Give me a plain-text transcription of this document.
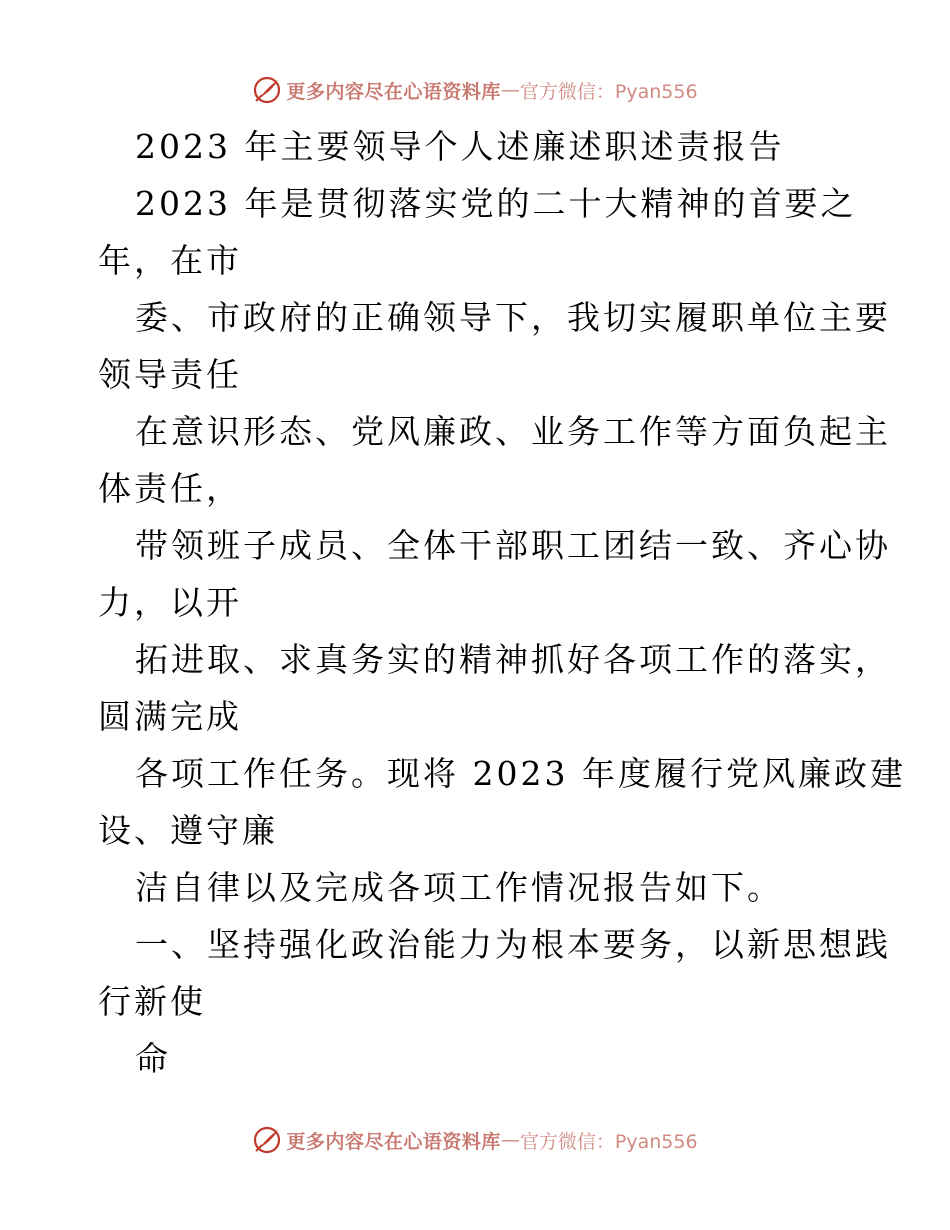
更多内容尽在心语资料库 — 官方微信：Pyan556
2023 年主要领导个人述廉述职述责报告
2023 年是贯彻落实党的二十大精神的首要之
年，在市
委、市政府的正确领导下，我切实履职单位主要
领导责任
在意识形态、党风廉政、业务工作等方面负起主
体责任，
带领班子成员、全体干部职工团结一致、齐心协
力，以开
拓进取、求真务实的精神抓好各项工作的落实，
圆满完成
各项工作任务。现将 2023 年度履行党风廉政建
设、遵守廉
洁自律以及完成各项工作情况报告如下。
一、坚持强化政治能力为根本要务，以新思想践
行新使
命
更多内容尽在心语资料库 — 官方微信：Pyan556
